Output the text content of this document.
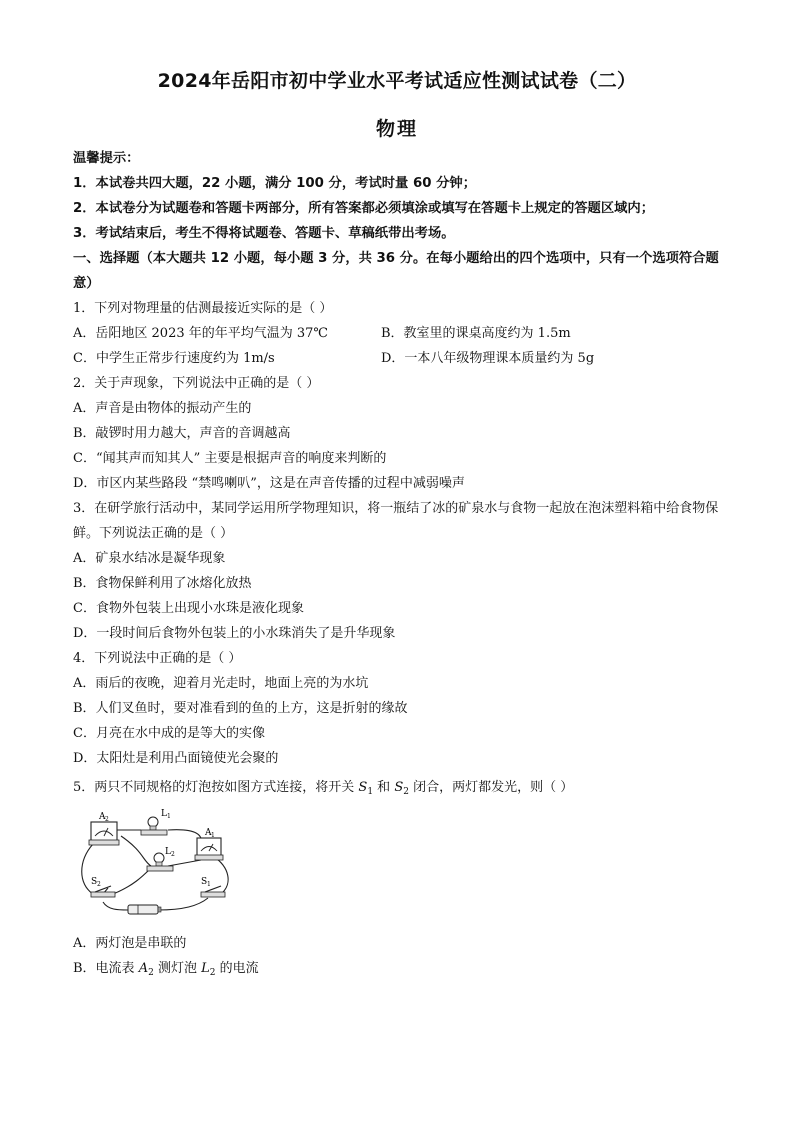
2024年岳阳市初中学业水平考试适应性测试试卷（二）
物理
温馨提示：
1．本试卷共四大题，22 小题，满分 100 分，考试时量 60 分钟；
2．本试卷分为试题卷和答题卡两部分，所有答案都必须填涂或填写在答题卡上规定的答题区域内；
3．考试结束后，考生不得将试题卷、答题卡、草稿纸带出考场。
一、选择题（本大题共 12 小题，每小题 3 分，共 36 分。在每小题给出的四个选项中，只有一个选项符合题意）
1．下列对物理量的估测最接近实际的是（ ）
A．岳阳地区 2023 年的年平均气温为 37℃	B．教室里的课桌高度约为 1.5m
C．中学生正常步行速度约为 1m/s	D．一本八年级物理课本质量约为 5g
2．关于声现象，下列说法中正确的是（ ）
A．声音是由物体的振动产生的
B．敲锣时用力越大，声音的音调越高
C．“闻其声而知其人” 主要是根据声音的响度来判断的
D．市区内某些路段 “禁鸣喇叭”，这是在声音传播的过程中减弱噪声
3．在研学旅行活动中，某同学运用所学物理知识，将一瓶结了冰的矿泉水与食物一起放在泡沫塑料箱中给食物保鲜。下列说法正确的是（ ）
A．矿泉水结冰是凝华现象
B．食物保鲜利用了冰熔化放热
C．食物外包装上出现小水珠是液化现象
D．一段时间后食物外包装上的小水珠消失了是升华现象
4．下列说法中正确的是（ ）
A．雨后的夜晚，迎着月光走时，地面上亮的为水坑
B．人们叉鱼时，要对准看到的鱼的上方，这是折射的缘故
C．月亮在水中成的是等大的实像
D．太阳灶是利用凸面镜使光会聚的
5．两只不同规格的灯泡按如图方式连接，将开关 $S_1$ 和 $S_2$ 闭合，两灯都发光，则（ ）
A 2
L 1
A 1
L 2
S 2	S 1
A．两灯泡是串联的
B．电流表 $A_2$ 测灯泡 $L_2$ 的电流
